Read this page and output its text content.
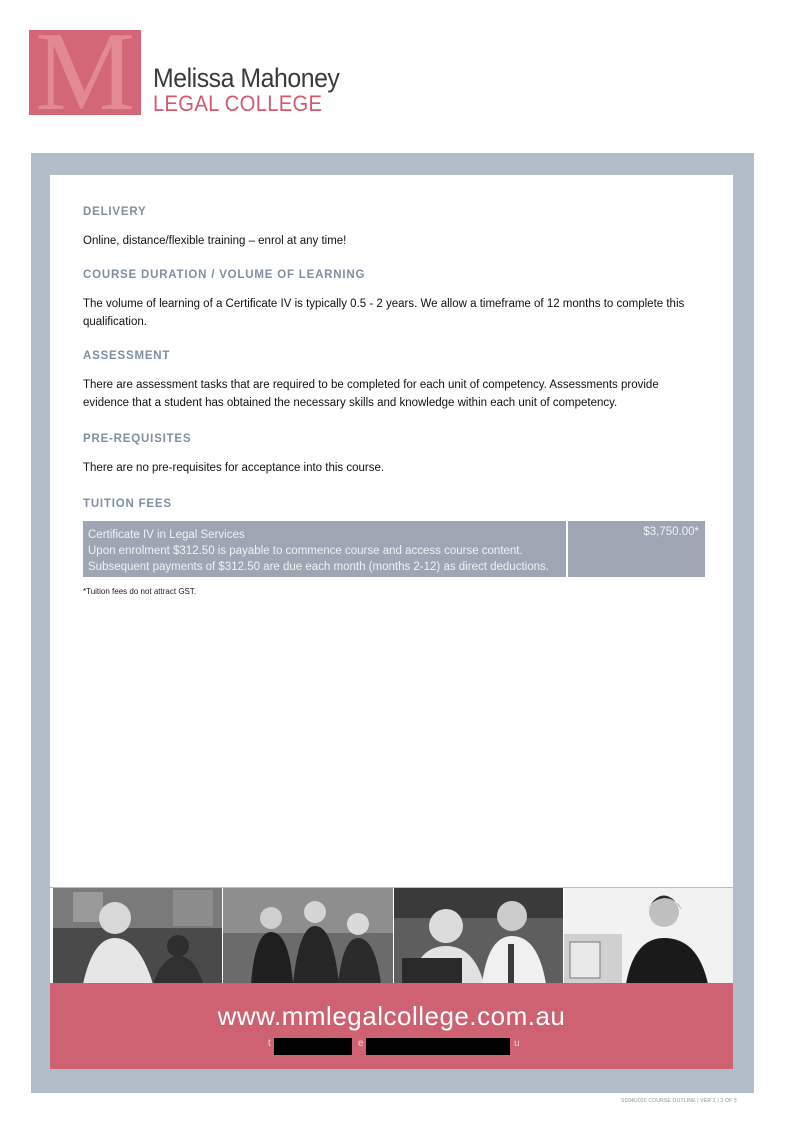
M Melissa Mahoney
LEGAL COLLEGE
DELIVERY

Online, distance/flexible training – enrol at any time!

COURSE DURATION / VOLUME OF LEARNING

The volume of learning of a Certificate IV is typically 0.5 - 2 years. We allow a timeframe of 12 months to complete this qualification.

ASSESSMENT

There are assessment tasks that are required to be completed for each unit of competency. Assessments provide evidence that a student has obtained the necessary skills and knowledge within each unit of competency.

PRE-REQUISITES

There are no pre-requisites for acceptance into this course.

TUITION FEES
Certificate IV in Legal Services
Upon enrolment $312.50 is payable to commence course and access course content.
Subsequent payments of $312.50 are due each month (months 2-12) as direct deductions.
$3,750.00*

*Tuition fees do not attract GST.

www.mmlegalcollege.com.au
t	e	u
SS04U020 COURSE OUTLINE | VER 1 | 3 OF 3
